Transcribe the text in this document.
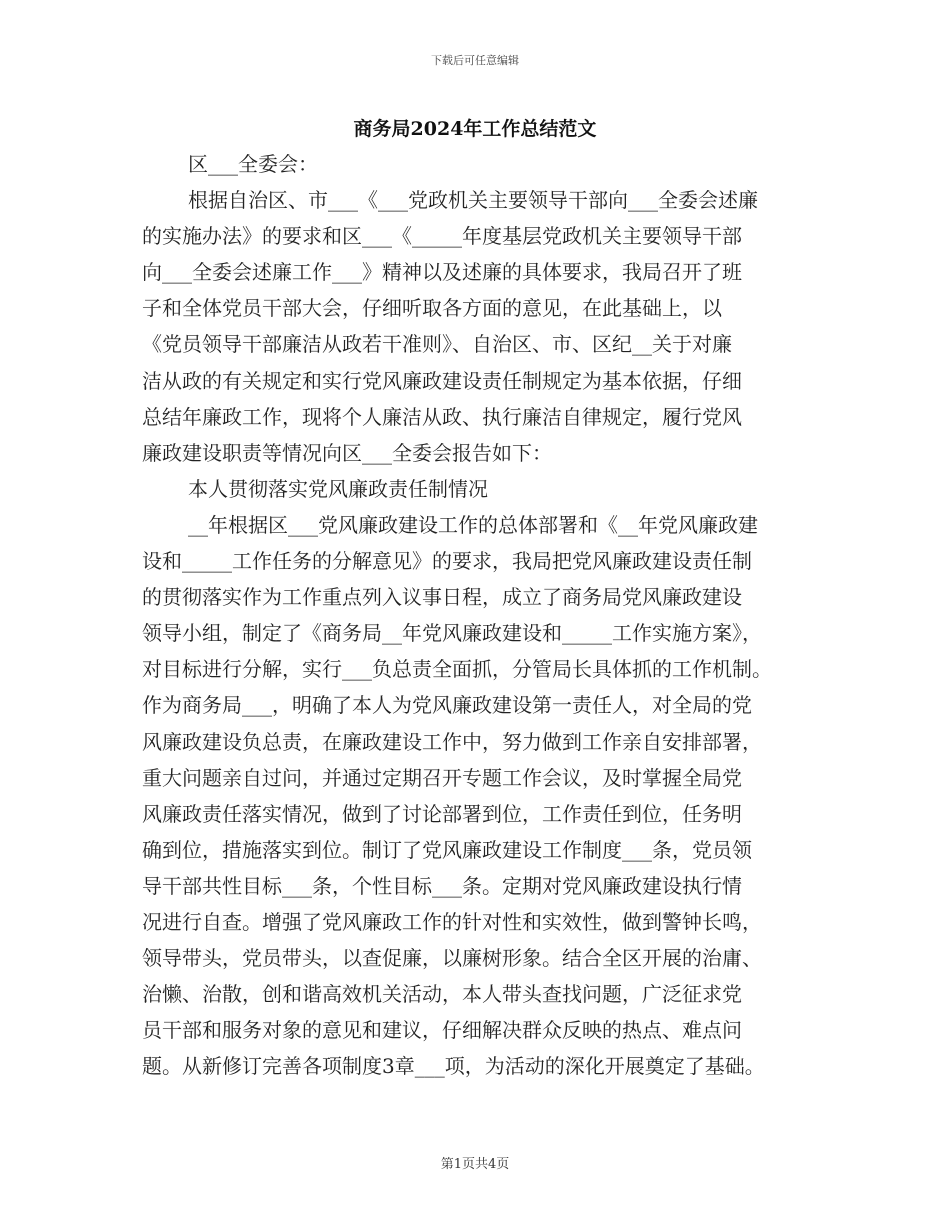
下载后可任意编辑
商务局2024年工作总结范文
区___全委会：
根据自治区、市___《___党政机关主要领导干部向___全委会述廉
的实施办法》的要求和区___《_____年度基层党政机关主要领导干部
向___全委会述廉工作___》精神以及述廉的具体要求，我局召开了班
子和全体党员干部大会，仔细听取各方面的意见，在此基础上，以
《党员领导干部廉洁从政若干准则》、自治区、市、区纪__关于对廉
洁从政的有关规定和实行党风廉政建设责任制规定为基本依据，仔细
总结年廉政工作，现将个人廉洁从政、执行廉洁自律规定，履行党风
廉政建设职责等情况向区___全委会报告如下：
本人贯彻落实党风廉政责任制情况
__年根据区___党风廉政建设工作的总体部署和《__年党风廉政建
设和_____工作任务的分解意见》的要求，我局把党风廉政建设责任制
的贯彻落实作为工作重点列入议事日程，成立了商务局党风廉政建设
领导小组，制定了《商务局__年党风廉政建设和_____工作实施方案》，
对目标进行分解，实行___负总责全面抓，分管局长具体抓的工作机制。
作为商务局___，明确了本人为党风廉政建设第一责任人，对全局的党
风廉政建设负总责，在廉政建设工作中，努力做到工作亲自安排部署，
重大问题亲自过问，并通过定期召开专题工作会议，及时掌握全局党
风廉政责任落实情况，做到了讨论部署到位，工作责任到位，任务明
确到位，措施落实到位。制订了党风廉政建设工作制度___条，党员领
导干部共性目标___条，个性目标___条。定期对党风廉政建设执行情
况进行自查。增强了党风廉政工作的针对性和实效性，做到警钟长鸣，
领导带头，党员带头，以查促廉，以廉树形象。结合全区开展的治庸、
治懒、治散，创和谐高效机关活动，本人带头查找问题，广泛征求党
员干部和服务对象的意见和建议，仔细解决群众反映的热点、难点问
题。从新修订完善各项制度3章___项，为活动的深化开展奠定了基础。
第1页共4页
